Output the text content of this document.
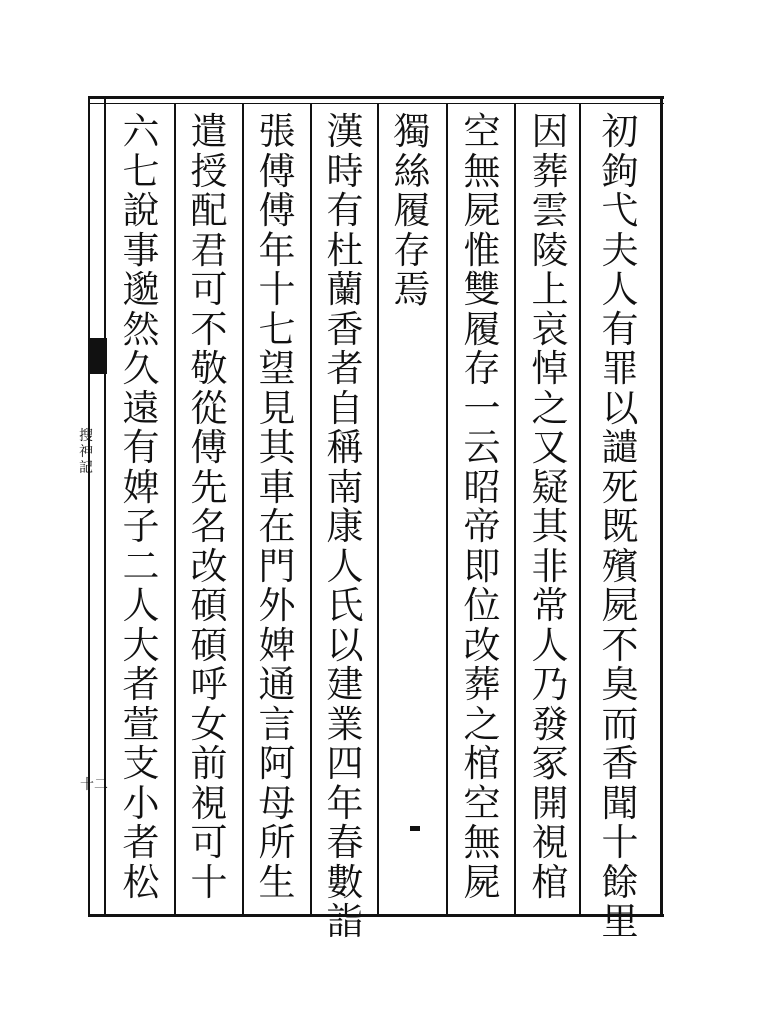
初
鉤
弋
夫
人
有
罪
以
譴
死
既
殯
屍
不
臭
而
香
聞
十
餘
里
因
葬
雲
陵
上
哀
悼
之
又
疑
其
非
常
人
乃
發
冢
開
視
棺
空
無
屍
惟
雙
履
存
一
云
昭
帝
即
位
改
葬
之
棺
空
無
屍
獨
絲
履
存
焉
漢
時
有
杜
蘭
香
者
自
稱
南
康
人
氏
以
建
業
四
年
春
數
詣
張
傅
傅
年
十
七
望
見
其
車
在
門
外
婢
通
言
阿
母
所
生
遣
授
配
君
可
不
敬
從
傅
先
名
改
碩
碩
呼
女
前
視
可
十
六
七
說
事
邈
然
久
遠
有
婢
子
二
人
大
者
萱
支
小
者
松
搜
神
記
十二
